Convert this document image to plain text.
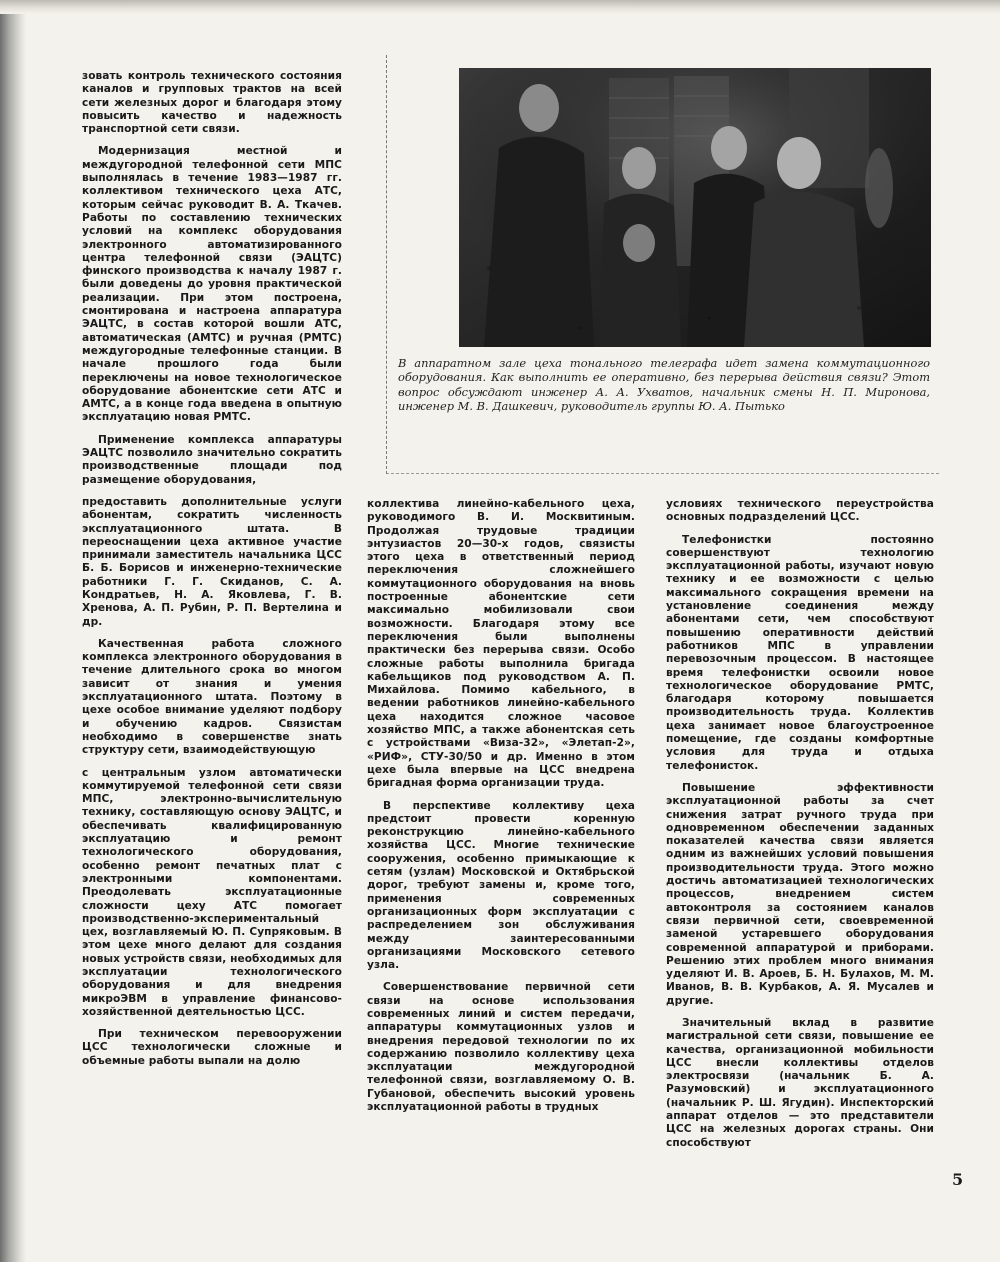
зовать контроль технического состояния каналов и групповых трактов на всей сети железных дорог и благодаря этому повысить качество и надежность транспортной сети связи.

Модернизация местной и междугородной телефонной сети МПС выполнялась в течение 1983—1987 гг. коллективом технического цеха АТС, которым сейчас руководит В. А. Ткачев. Работы по составлению технических условий на комплекс оборудования электронного автоматизированного центра телефонной связи (ЭАЦТС) финского производства к началу 1987 г. были доведены до уровня практической реализации. При этом построена, смонтирована и настроена аппаратура ЭАЦТС, в состав которой вошли АТС, автоматическая (АМТС) и ручная (РМТС) междугородные телефонные станции. В начале прошлого года были переключены на новое технологическое оборудование абонентские сети АТС и АМТС, а в конце года введена в опытную эксплуатацию новая РМТС.

Применение комплекса аппаратуры ЭАЦТС позволило значительно сократить производственные площади под размещение оборудования,

предоставить дополнительные услуги абонентам, сократить численность эксплуатационного штата. В переоснащении цеха активное участие принимали заместитель начальника ЦСС Б. Б. Борисов и инженерно-технические работники Г. Г. Скиданов, С. А. Кондратьев, Н. А. Яковлева, Г. В. Хренова, А. П. Рубин, Р. П. Вертелина и др.

Качественная работа сложного комплекса электронного оборудования в течение длительного срока во многом зависит от знания и умения эксплуатационного штата. Поэтому в цехе особое внимание уделяют подбору и обучению кадров. Связистам необходимо в совершенстве знать структуру сети, взаимодействующую

с центральным узлом автоматически коммутируемой телефонной сети связи МПС, электронно-вычислительную технику, составляющую основу ЭАЦТС, и обеспечивать квалифицированную эксплуатацию и ремонт технологического оборудования, особенно ремонт печатных плат с электронными компонентами. Преодолевать эксплуатационные сложности цеху АТС помогает производственно-экспериментальный цех, возглавляемый Ю. П. Супряковым. В этом цехе много делают для создания новых устройств связи, необходимых для эксплуатации технологического оборудования и для внедрения микроЭВМ в управление финансово-хозяйственной деятельностью ЦСС.

При техническом перевооружении ЦСС технологически сложные и объемные работы выпали на долю

В аппаратном зале цеха тонального телеграфа идет замена коммутационного оборудования. Как выполнить ее оперативно, без перерыва действия связи? Этот вопрос обсуждают инженер А. А. Ухватов, начальник смены Н. П. Миронова, инженер М. В. Дашкевич, руководитель группы Ю. А. Пытько

коллектива линейно-кабельного цеха, руководимого В. И. Москвитиным. Продолжая трудовые традиции энтузиастов 20—30-х годов, связисты этого цеха в ответственный период переключения сложнейшего коммутационного оборудования на вновь построенные абонентские сети максимально мобилизовали свои возможности. Благодаря этому все переключения были выполнены практически без перерыва связи. Особо сложные работы выполнила бригада кабельщиков под руководством А. П. Михайлова. Помимо кабельного, в ведении работников линейно-кабельного цеха находится сложное часовое хозяйство МПС, а также абонентская сеть с устройствами «Виза-32», «Элетап-2», «РИФ», СТУ-30/50 и др. Именно в этом цехе была впервые на ЦСС внедрена бригадная форма организации труда.

В перспективе коллективу цеха предстоит провести коренную реконструкцию линейно-кабельного хозяйства ЦСС. Многие технические сооружения, особенно примыкающие к сетям (узлам) Московской и Октябрьской дорог, требуют замены и, кроме того, применения современных организационных форм эксплуатации с распределением зон обслуживания между заинтересованными организациями Московского сетевого узла.

Совершенствование первичной сети связи на основе использования современных линий и систем передачи, аппаратуры коммутационных узлов и внедрения передовой технологии по их содержанию позволило коллективу цеха эксплуатации междугородной телефонной связи, возглавляемому О. В. Губановой, обеспечить высокий уровень эксплуатационной работы в трудных

условиях технического переустройства основных подразделений ЦСС.

Телефонистки постоянно совершенствуют технологию эксплуатационной работы, изучают новую технику и ее возможности с целью максимального сокращения времени на установление соединения между абонентами сети, чем способствуют повышению оперативности действий работников МПС в управлении перевозочным процессом. В настоящее время телефонистки освоили новое технологическое оборудование РМТС, благодаря которому повышается производительность труда. Коллектив цеха занимает новое благоустроенное помещение, где созданы комфортные условия для труда и отдыха телефонисток.

Повышение эффективности эксплуатационной работы за счет снижения затрат ручного труда при одновременном обеспечении заданных показателей качества связи является одним из важнейших условий повышения производительности труда. Этого можно достичь автоматизацией технологических процессов, внедрением систем автоконтроля за состоянием каналов связи первичной сети, своевременной заменой устаревшего оборудования современной аппаратурой и приборами. Решению этих проблем много внимания уделяют И. В. Ароев, Б. Н. Булахов, М. М. Иванов, В. В. Курбаков, А. Я. Мусалев и другие.

Значительный вклад в развитие магистральной сети связи, повышение ее качества, организационной мобильности ЦСС внесли коллективы отделов электросвязи (начальник Б. А. Разумовский) и эксплуатационного (начальник Р. Ш. Ягудин). Инспекторский аппарат отделов — это представители ЦСС на железных дорогах страны. Они способствуют

5
